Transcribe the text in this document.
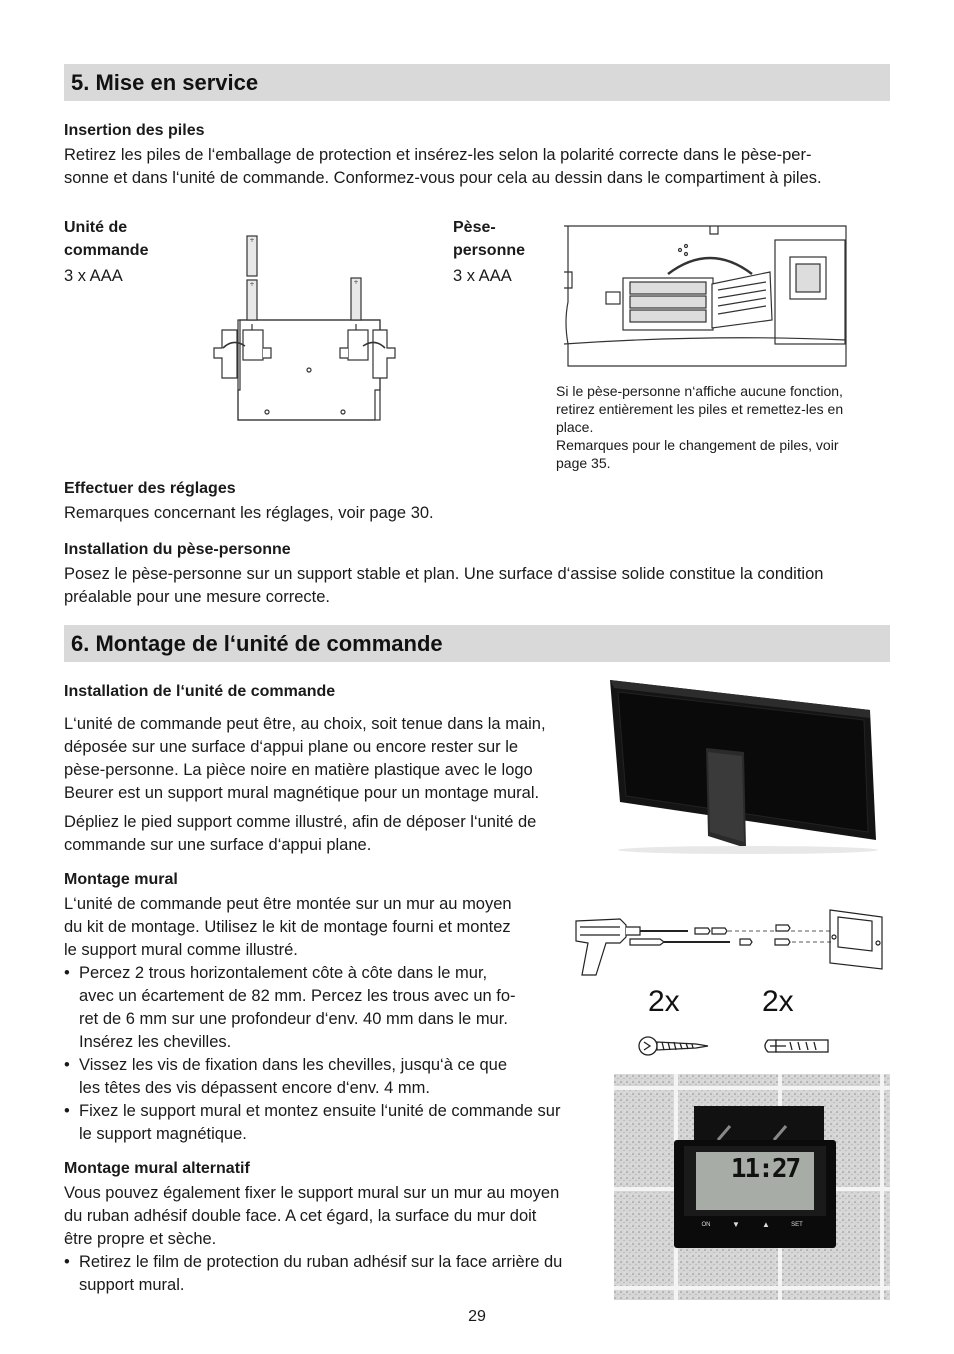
5. Mise en service

Insertion des piles

Retirez les piles de l‘emballage de protection et insérez-les selon la polarité correcte dans le pèse-per-

sonne et dans l‘unité de commande. Conformez-vous pour cela au dessin dans le compartiment à piles.

Unité de

commande

3 x AAA

+
+	+

Pèse-

personne

3 x AAA

Si le pèse-personne n‘affiche aucune fonction,
retirez entièrement les piles et remettez-les en
place.
Remarques pour le changement de piles, voir
page 35.

Effectuer des réglages

Remarques concernant les réglages, voir page 30.

Installation du pèse-personne

Posez le pèse-personne sur un support stable et plan. Une surface d‘assise solide constitue la condition

préalable pour une mesure correcte.

6. Montage de l‘unité de commande

Installation de l‘unité de commande

L‘unité de commande peut être, au choix, soit tenue dans la main,
déposée sur une surface d‘appui plane ou encore rester sur le
pèse-personne. La pièce noire en matière plastique avec le logo
Beurer est un support mural magnétique pour un montage mural.
Dépliez le pied support comme illustré, afin de déposer l‘unité de
commande sur une surface d‘appui plane.

Montage mural

L‘unité de commande peut être montée sur un mur au moyen
du kit de montage. Utilisez le kit de montage fourni et montez
le support mural comme illustré.
• Percez 2 trous horizontalement côte à côte dans le mur,
avec un écartement de 82 mm. Percez les trous avec un fo-
ret de 6 mm sur une profondeur d‘env. 40 mm dans le mur.
Insérez les chevilles.
• Vissez les vis de fixation dans les chevilles, jusqu‘à ce que
les têtes des vis dépassent encore d‘env. 4 mm.
• Fixez le support mural et montez ensuite l‘unité de commande sur
le support magnétique.

Montage mural alternatif

Vous pouvez également fixer le support mural sur un mur au moyen
du ruban adhésif double face. A cet égard, la surface du mur doit
être propre et sèche.
• Retirez le film de protection du ruban adhésif sur la face arrière du
support mural.
2x	2x
11:27
ON	▼	▲	SET
29
